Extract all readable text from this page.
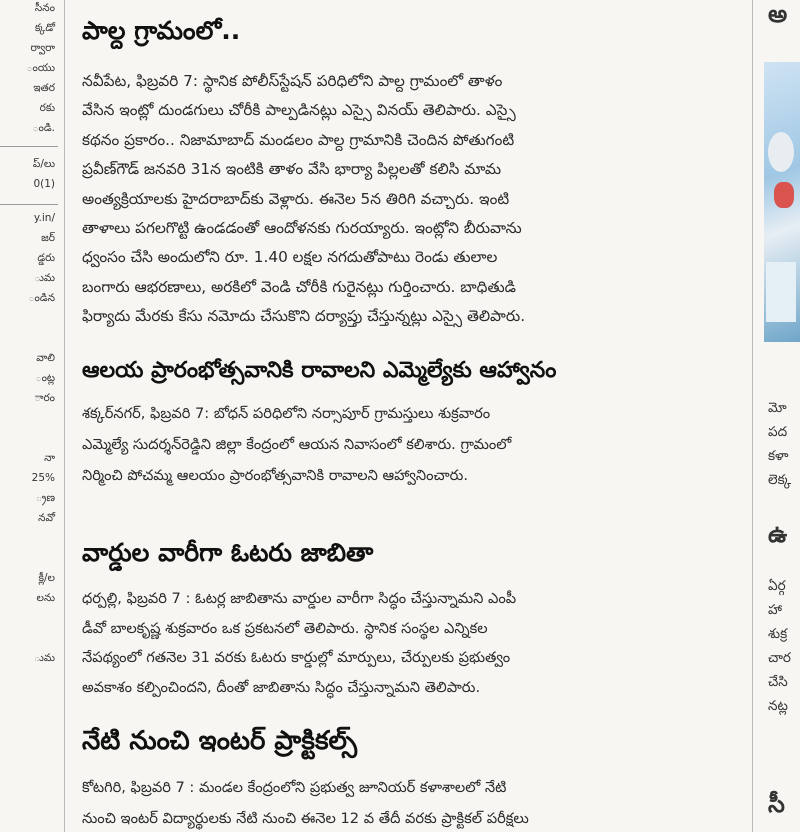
సీనం
క్కడో
ర్వారా
ంయు
ఇతర
రకు
ండి.
ప్/లు
0(1)
y.in/
జర్
డ్డరు
ుమ
ండిన
వాలి
ంట్ల
ారం
నా
25%
్రణ
నవో
క్లీ/ల
లను
ుమ
పాల్ద గ్రామంలో..
నవీపేట, ఫిబ్రవరి 7: స్థానిక పోలీస్‌స్టేషన్ పరిధిలోని పాల్ద గ్రామంలో తాళం
వేసిన ఇంట్లో దుండగులు చోరీకి పాల్పడినట్లు ఎస్సై వినయ్ తెలిపారు. ఎస్సై
కథనం ప్రకారం.. నిజామాబాద్ మండలం పాల్ద గ్రామానికి చెందిన పోతుగంటి
ప్రవీణ్‌గౌడ్ జనవరి 31న ఇంటికి తాళం వేసి భార్యా పిల్లలతో కలిసి మామ
అంత్యక్రియాలకు హైదరాబాద్‌కు వెళ్లారు. ఈనెల 5న తిరిగి వచ్చారు. ఇంటి
తాళాలు పగలగొట్టి ఉండడంతో ఆందోళనకు గురయ్యారు. ఇంట్లోని బీరువాను
ధ్వంసం చేసి అందులోని రూ. 1.40 లక్షల నగదుతోపాటు రెండు తులాల
బంగారు ఆభరణాలు, అరకిలో వెండి చోరీకి గురైనట్లు గుర్తించారు. బాధితుడి
ఫిర్యాదు మేరకు కేసు నమోదు చేసుకొని దర్యాప్తు చేస్తున్నట్లు ఎస్సై తెలిపారు.
ఆలయ ప్రారంభోత్సవానికి రావాలని ఎమ్మెల్యేకు ఆహ్వానం
శక్కర్‌నగర్, ఫిబ్రవరి 7: బోధన్ పరిధిలోని నర్సాపూర్ గ్రామస్తులు శుక్రవారం
ఎమ్మెల్యే సుదర్శన్‌రెడ్డిని జిల్లా కేంద్రంలో ఆయన నివాసంలో కలిశారు. గ్రామంలో
నిర్మించి పోచమ్మ ఆలయం ప్రారంభోత్సవానికి రావాలని ఆహ్వానించారు.
వార్డుల వారీగా ఓటరు జాబితా
ధర్పల్లి, ఫిబ్రవరి 7 : ఓటర్ల జాబితాను వార్డుల వారీగా సిద్ధం చేస్తున్నామని ఎంపీ
డీవో బాలకృష్ణ శుక్రవారం ఒక ప్రకటనలో తెలిపారు. స్థానిక సంస్థల ఎన్నికల
నేపథ్యంలో గతనెల 31 వరకు ఓటరు కార్డుల్లో మార్పులు, చేర్పులకు ప్రభుత్వం
అవకాశం కల్పించిందని, దీంతో జాబితాను సిద్ధం చేస్తున్నామని తెలిపారు.
నేటి నుంచి ఇంటర్ ప్రాక్టికల్స్
కోటగిరి, ఫిబ్రవరి 7 : మండల కేంద్రంలోని ప్రభుత్వ జూనియర్ కళాశాలలో నేటి
నుంచి ఇంటర్ విద్యార్థులకు నేటి నుంచి ఈనెల 12 వ తేదీ వరకు ప్రాక్టికల్ పరీక్షలు
అ
మో
పద
కళా
లెక్క
ఉ
ఏర్గ
హా
శుక్ర
చార
చేసి
నట్ల
సీ
